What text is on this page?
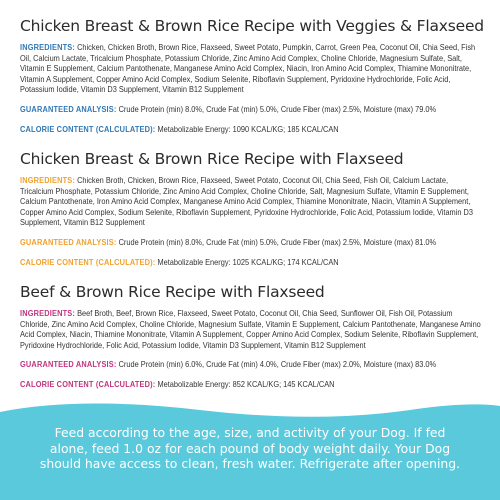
Chicken Breast & Brown Rice Recipe with Veggies & Flaxseed

INGREDIENTS: Chicken, Chicken Broth, Brown Rice, Flaxseed, Sweet Potato, Pumpkin, Carrot, Green Pea, Coconut Oil, Chia Seed, Fish Oil, Calcium Lactate, Tricalcium Phosphate, Potassium Chloride, Zinc Amino Acid Complex, Choline Chloride, Magnesium Sulfate, Salt, Vitamin E Supplement, Calcium Pantothenate, Manganese Amino Acid Complex, Niacin, Iron Amino Acid Complex, Thiamine Mononitrate, Vitamin A Supplement, Copper Amino Acid Complex, Sodium Selenite, Riboflavin Supplement, Pyridoxine Hydrochloride, Folic Acid, Potassium Iodide, Vitamin D3 Supplement, Vitamin B12 Supplement

GUARANTEED ANALYSIS: Crude Protein (min) 8.0%, Crude Fat (min) 5.0%, Crude Fiber (max) 2.5%, Moisture (max) 79.0%

CALORIE CONTENT (CALCULATED): Metabolizable Energy: 1090 KCAL/KG; 185 KCAL/CAN

Chicken Breast & Brown Rice Recipe with Flaxseed

INGREDIENTS: Chicken Broth, Chicken, Brown Rice, Flaxseed, Sweet Potato, Coconut Oil, Chia Seed, Fish Oil, Calcium Lactate, Tricalcium Phosphate, Potassium Chloride, Zinc Amino Acid Complex, Choline Chloride, Salt, Magnesium Sulfate, Vitamin E Supplement, Calcium Pantothenate, Iron Amino Acid Complex, Manganese Amino Acid Complex, Thiamine Mononitrate, Niacin, Vitamin A Supplement, Copper Amino Acid Complex, Sodium Selenite, Riboflavin Supplement, Pyridoxine Hydrochloride, Folic Acid, Potassium Iodide, Vitamin D3 Supplement, Vitamin B12 Supplement

GUARANTEED ANALYSIS: Crude Protein (min) 8.0%, Crude Fat (min) 5.0%, Crude Fiber (max) 2.5%, Moisture (max) 81.0%

CALORIE CONTENT (CALCULATED): Metabolizable Energy: 1025 KCAL/KG; 174 KCAL/CAN

Beef & Brown Rice Recipe with Flaxseed

INGREDIENTS: Beef Broth, Beef, Brown Rice, Flaxseed, Sweet Potato, Coconut Oil, Chia Seed, Sunflower Oil, Fish Oil, Potassium Chloride, Zinc Amino Acid Complex, Choline Chloride, Magnesium Sulfate, Vitamin E Supplement, Calcium Pantothenate, Manganese Amino Acid Complex, Niacin, Thiamine Mononitrate, Vitamin A Supplement, Copper Amino Acid Complex, Sodium Selenite, Riboflavin Supplement, Pyridoxine Hydrochloride, Folic Acid, Potassium Iodide, Vitamin D3 Supplement, Vitamin B12 Supplement

GUARANTEED ANALYSIS: Crude Protein (min) 6.0%, Crude Fat (min) 4.0%, Crude Fiber (max) 2.0%, Moisture (max) 83.0%

CALORIE CONTENT (CALCULATED): Metabolizable Energy: 852 KCAL/KG; 145 KCAL/CAN

Feed according to the age, size, and activity of your Dog. If fed alone, feed 1.0 oz for each pound of body weight daily. Your Dog should have access to clean, fresh water. Refrigerate after opening.
